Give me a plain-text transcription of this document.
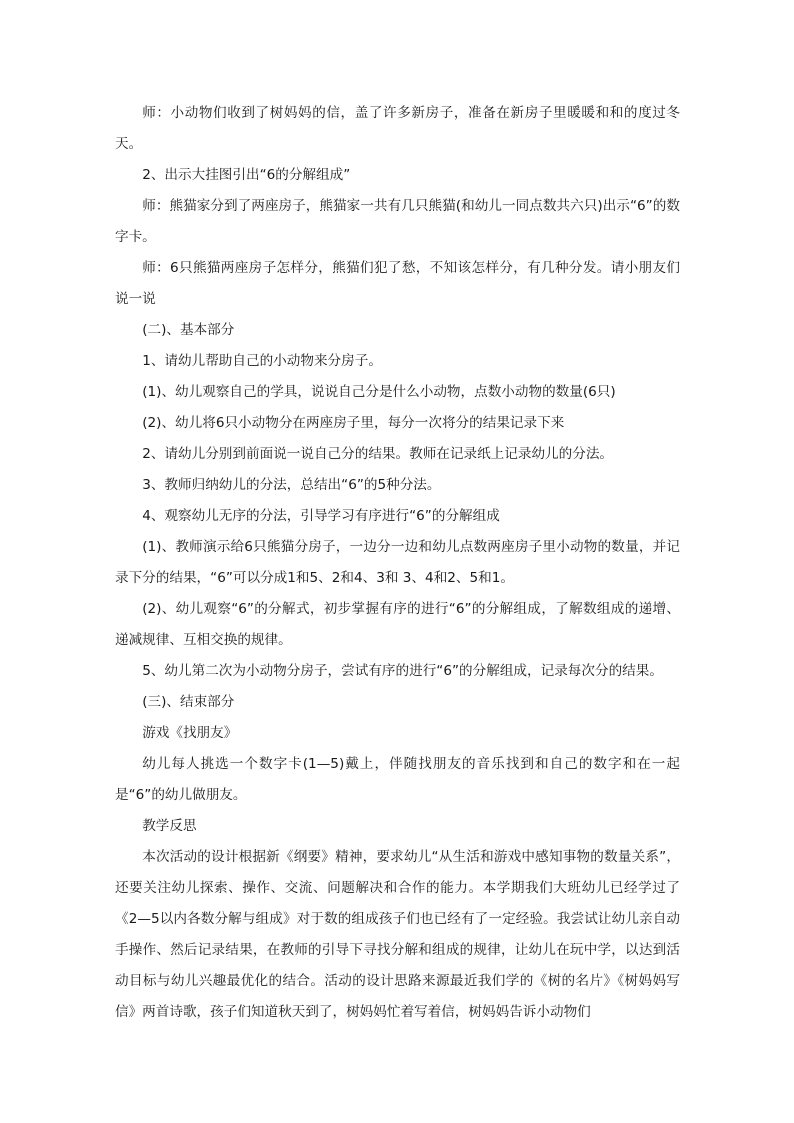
师：小动物们收到了树妈妈的信，盖了许多新房子，准备在新房子里暖暖和和的度过冬天。

2、出示大挂图引出“6的分解组成”

师：熊猫家分到了两座房子，熊猫家一共有几只熊猫(和幼儿一同点数共六只)出示“6”的数字卡。

师：6只熊猫两座房子怎样分，熊猫们犯了愁，不知该怎样分，有几种分发。请小朋友们说一说

(二)、基本部分

1、请幼儿帮助自己的小动物来分房子。

(1)、幼儿观察自己的学具，说说自己分是什么小动物，点数小动物的数量(6只)

(2)、幼儿将6只小动物分在两座房子里，每分一次将分的结果记录下来

2、请幼儿分别到前面说一说自己分的结果。教师在记录纸上记录幼儿的分法。

3、教师归纳幼儿的分法，总结出“6”的5种分法。

4、观察幼儿无序的分法，引导学习有序进行“6”的分解组成

(1)、教师演示给6只熊猫分房子，一边分一边和幼儿点数两座房子里小动物的数量，并记录下分的结果，“6”可以分成1和5、2和4、3和 3、4和2、5和1。

(2)、幼儿观察“6”的分解式，初步掌握有序的进行“6”的分解组成，了解数组成的递增、递减规律、互相交换的规律。

5、幼儿第二次为小动物分房子，尝试有序的进行“6”的分解组成，记录每次分的结果。

(三)、结束部分

游戏《找朋友》

幼儿每人挑选一个数字卡(1—5)戴上，伴随找朋友的音乐找到和自己的数字和在一起是“6”的幼儿做朋友。

教学反思

本次活动的设计根据新《纲要》精神，要求幼儿“从生活和游戏中感知事物的数量关系”，还要关注幼儿探索、操作、交流、问题解决和合作的能力。本学期我们大班幼儿已经学过了《2—5以内各数分解与组成》对于数的组成孩子们也已经有了一定经验。我尝试让幼儿亲自动手操作、然后记录结果，在教师的引导下寻找分解和组成的规律，让幼儿在玩中学，以达到活动目标与幼儿兴趣最优化的结合。活动的设计思路来源最近我们学的《树的名片》《树妈妈写信》两首诗歌，孩子们知道秋天到了，树妈妈忙着写着信，树妈妈告诉小动物们
